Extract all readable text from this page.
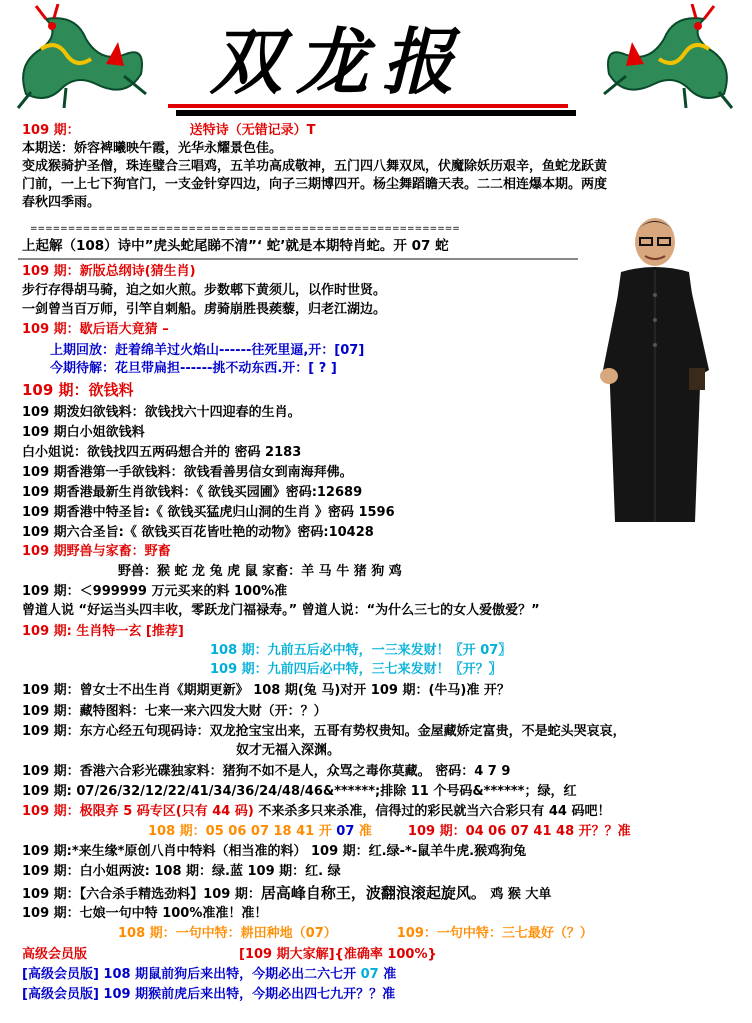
双龙报
109 期：	送特诗（无错记录）T
本期送：娇容裨曦映午霞，光华永耀景色佳。
变成猴骑护圣僧，珠连璧合三唱鸡，五羊功高成敬神，五门四八舞双凤，伏魔除妖历艰辛，鱼蛇龙跃黄
门前，一上七下狗官门，一支金针穿四边，向子三期博四开。杨尘舞蹈瞻天表。二二相连爆本期。两度
春秋四季雨。
=========================================================
上起解（108）诗中”虎头蛇尾睇不清”‘ 蛇’就是本期特肖蛇。开 07 蛇
109 期：新版总纲诗(猜生肖)
步行存得胡马骑，迫之如火煎。步数郫下黄须儿，以作时世贤。
一剑曾当百万师，引竿自刺船。虏骑崩胜畏蒺藜，归老江湖边。
109 期：歇后语大竟猜 –
上期回放：赶着绵羊过火焰山------往死里逼,开：[07]
今期待解：花旦带扁担------挑不动东西.开：[ ? ]
109 期：欲钱料
109 期泼妇欲钱料：欲钱找六十四迎春的生肖。
109 期白小姐欲钱料
白小姐说：欲钱找四五两码想合并的 密码 2183
109 期香港第一手欲钱料：欲钱看善男信女到南海拜佛。
109 期香港最新生肖欲钱料：《 欲钱买园圃》密码:12689
109 期香港中特圣旨:《 欲钱买猛虎归山洞的生肖 》密码 1596
109 期六合圣旨:《 欲钱买百花皆吐艳的动物》密码:10428
109 期野兽与家畜：野畜
野兽：猴 蛇 龙 兔 虎 鼠 家畜：羊 马 牛 猪 狗 鸡
109 期：＜999999 万元买来的料 100%准
曾道人说 “好运当头四丰收，零跃龙门福禄寿。” 曾道人说：“为什么三七的女人爱傲爱？”
109 期: 生肖特一玄 [推荐]
108 期：九前五后必中特，一三来发财！〖开 07〗
109 期：九前四后必中特，三七来发财！〖开？〗
109 期：曾女士不出生肖《期期更新》 108 期(兔 马)对开 109 期：(牛马)准 开？
109 期：藏特图料：七来一来六四发大财（开：？）
109 期：东方心经五句现码诗：双龙抢宝宝出来，五哥有势权贵知。金屋藏娇定富贵，不是蛇头哭哀哀，
奴才无福入深渊。
109 期：香港六合彩光碟独家料：猪狗不如不是人，众骂之毒你莫藏。 密码：4 7 9
109 期: 07/26/32/12/22/41/34/36/24/48/46&******;排除 11 个号码&******；绿，红
109 期：极限弃 5 码专区(只有 44 码) 不来杀多只来杀准，信得过的彩民就当六合彩只有 44 码吧！
108 期：05 06 07 18 41 开 07 准	109 期：04 06 07 41 48 开？？准
109 期:*来生缘*原创八肖中特料（相当准的料） 109 期：红.绿-*-鼠羊牛虎.猴鸡狗兔
109 期：白小姐两波: 108 期：绿.蓝 109 期：红. 绿
109 期：【六合杀手精选劲料】109 期：居高峰自称王，波翻浪滚起旋风。 鸡 猴 大单
109 期：七娘一句中特 100%准准！准！
108 期：一句中特：耕田种地（07）	109：一句中特：三七最好（？）
高级会员版	[109 期大家解]{准确率 100%}
[高级会员版] 108 期鼠前狗后来出特，今期必出二六七开 07 准
[高级会员版] 109 期猴前虎后来出特，今期必出四七九开？？准
